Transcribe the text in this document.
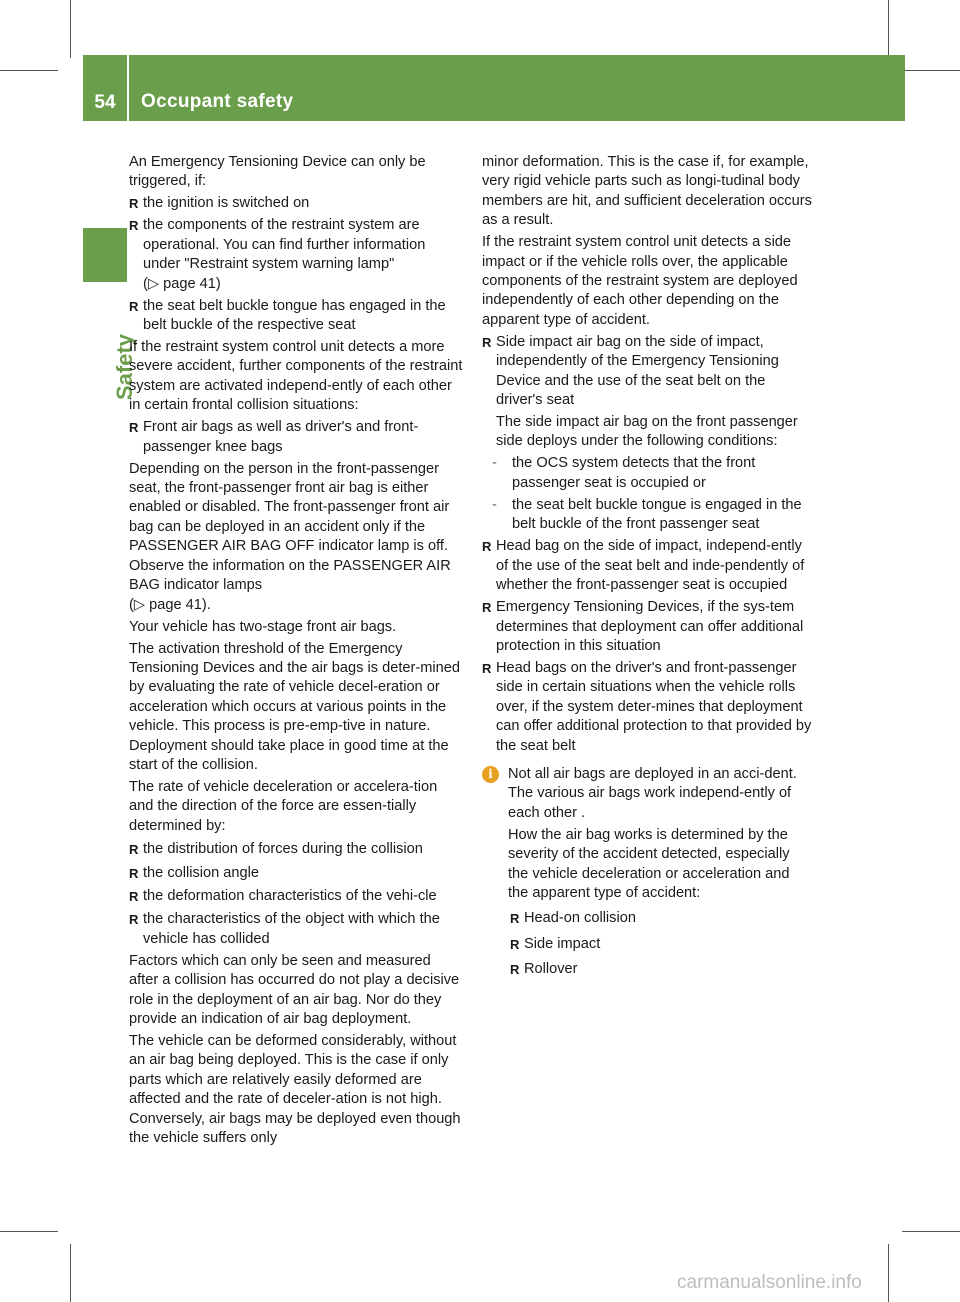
54	Occupant safety
Safety

An Emergency Tensioning Device can only be triggered, if:

R the ignition is switched on
R the components of the restraint system are operational. You can find further information under "Restraint system warning lamp"
(▷ page 41)
R the seat belt buckle tongue has engaged in the belt buckle of the respective seat

If the restraint system control unit detects a more severe accident, further components of the restraint system are activated independ-ently of each other in certain frontal collision situations:

R Front air bags as well as driver's and front-passenger knee bags

Depending on the person in the front-passenger seat, the front-passenger front air bag is either enabled or disabled. The front-passenger front air bag can be deployed in an accident only if the PASSENGER AIR BAG OFF indicator lamp is off. Observe the information on the PASSENGER AIR BAG indicator lamps
(▷ page 41).

Your vehicle has two-stage front air bags.

The activation threshold of the Emergency Tensioning Devices and the air bags is deter-mined by evaluating the rate of vehicle decel-eration or acceleration which occurs at various points in the vehicle. This process is pre-emp-tive in nature. Deployment should take place in good time at the start of the collision.

The rate of vehicle deceleration or accelera-tion and the direction of the force are essen-tially determined by:

R the distribution of forces during the collision
R the collision angle
R the deformation characteristics of the vehi-cle
R the characteristics of the object with which the vehicle has collided

Factors which can only be seen and measured after a collision has occurred do not play a decisive role in the deployment of an air bag. Nor do they provide an indication of air bag deployment.

The vehicle can be deformed considerably, without an air bag being deployed. This is the case if only parts which are relatively easily deformed are affected and the rate of deceler-ation is not high. Conversely, air bags may be deployed even though the vehicle suffers only

minor deformation. This is the case if, for example, very rigid vehicle parts such as longi-tudinal body members are hit, and sufficient deceleration occurs as a result.

If the restraint system control unit detects a side impact or if the vehicle rolls over, the applicable components of the restraint system are deployed independently of each other depending on the apparent type of accident.

R Side impact air bag on the side of impact, independently of the Emergency Tensioning Device and the use of the seat belt on the driver's seat

The side impact air bag on the front passenger side deploys under the following conditions:

- the OCS system detects that the front passenger seat is occupied or
- the seat belt buckle tongue is engaged in the belt buckle of the front passenger seat
R Head bag on the side of impact, independ-ently of the use of the seat belt and inde-pendently of whether the front-passenger seat is occupied
R Emergency Tensioning Devices, if the sys-tem determines that deployment can offer additional protection in this situation
R Head bags on the driver's and front-passenger side in certain situations when the vehicle rolls over, if the system deter-mines that deployment can offer additional protection to that provided by the seat belt
i	Not all air bags are deployed in an acci-dent. The various air bags work independ-ently of each other .

How the air bag works is determined by the severity of the accident detected, especially the vehicle deceleration or acceleration and the apparent type of accident:

R Head-on collision
R Side impact
R Rollover
carmanualsonline.info
